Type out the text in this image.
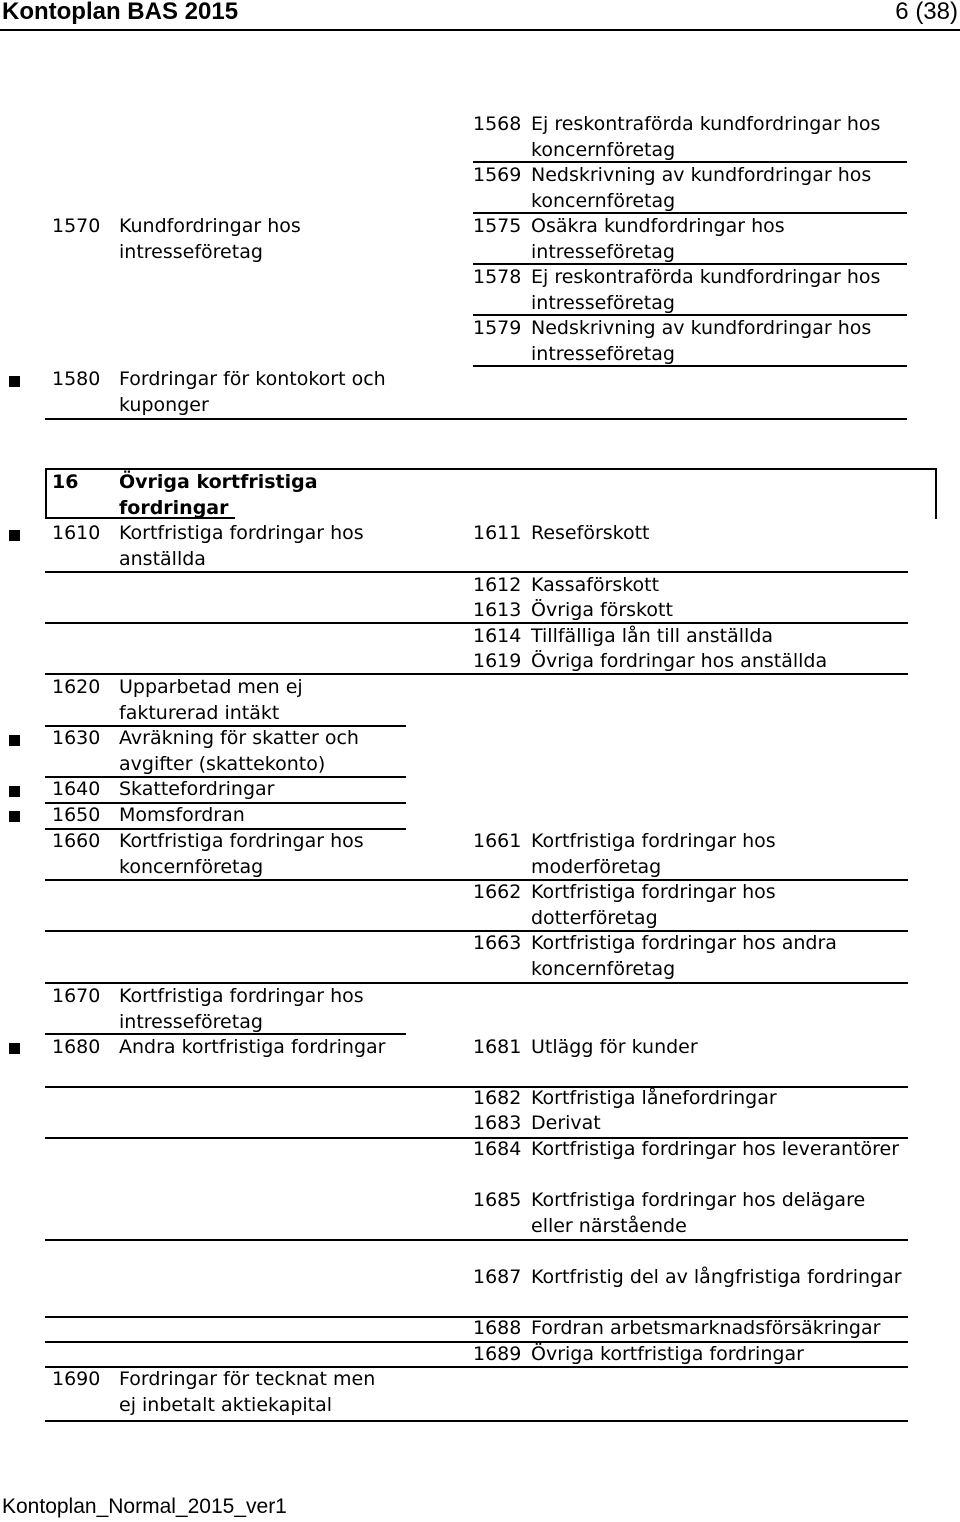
Kontoplan BAS 2015	6 (38)
1568 Ej reskontraförda kundfordringar hos koncernföretag
1569 Nedskrivning av kundfordringar hos koncernföretag
1575 Osäkra kundfordringar hos intresseföretag
1578 Ej reskontraförda kundfordringar hos intresseföretag
1579 Nedskrivning av kundfordringar hos intresseföretag
1570 Kundfordringar hos intresseföretag
1580 Fordringar för kontokort och kuponger
16 Övriga kortfristiga fordringar
1610 Kortfristiga fordringar hos anställda
1620 Upparbetad men ej fakturerad intäkt
1630 Avräkning för skatter och avgifter (skattekonto)
1640 Skattefordringar
1650 Momsfordran
1660 Kortfristiga fordringar hos koncernföretag
1670 Kortfristiga fordringar hos intresseföretag
1680 Andra kortfristiga fordringar
1690 Fordringar för tecknat men ej inbetalt aktiekapital
1611 Reseförskott
1612 Kassaförskott
1613 Övriga förskott
1614 Tillfälliga lån till anställda
1619 Övriga fordringar hos anställda
1661 Kortfristiga fordringar hos moderföretag
1662 Kortfristiga fordringar hos dotterföretag
1663 Kortfristiga fordringar hos andra koncernföretag
1681 Utlägg för kunder
1682 Kortfristiga lånefordringar
1683 Derivat
1684 Kortfristiga fordringar hos leverantörer
1685 Kortfristiga fordringar hos delägare eller närstående
1687 Kortfristig del av långfristiga fordringar
1688 Fordran arbetsmarknadsförsäkringar
1689 Övriga kortfristiga fordringar
Kontoplan_Normal_2015_ver1
